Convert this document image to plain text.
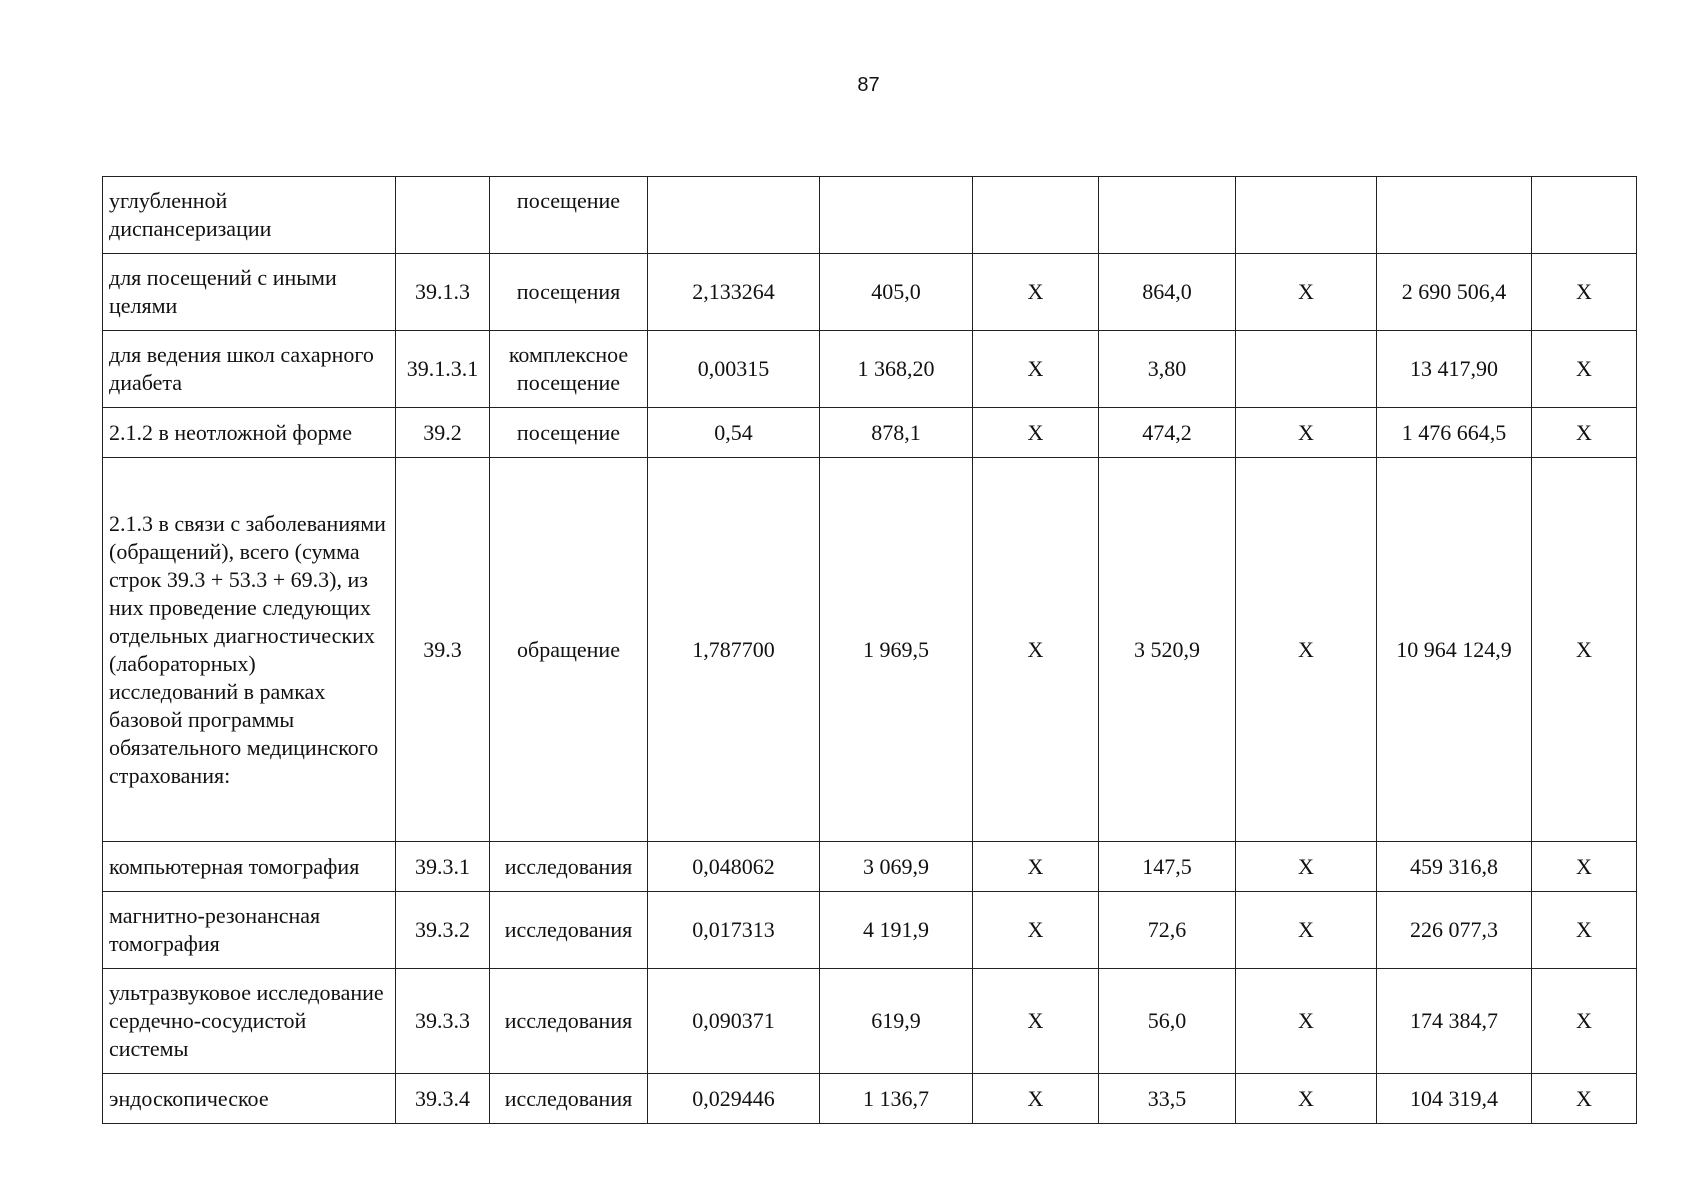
87
углубленной диспансеризации		посещение							
для посещений с иными целями	39.1.3	посещения	2,133264	405,0	Х	864,0	Х	2 690 506,4	Х
для ведения школ сахарного диабета	39.1.3.1	комплексное посещение	0,00315	1 368,20	Х	3,80		13 417,90	Х
2.1.2 в неотложной форме	39.2	посещение	0,54	878,1	Х	474,2	Х	1 476 664,5	Х
2.1.3 в связи с заболеваниями (обращений), всего (сумма строк 39.3 + 53.3 + 69.3), из них проведение следующих отдельных диагностических (лабораторных) исследований в рамках базовой программы обязательного медицинского страхования:	39.3	обращение	1,787700	1 969,5	Х	3 520,9	Х	10 964 124,9	Х
компьютерная томография	39.3.1	исследования	0,048062	3 069,9	Х	147,5	Х	459 316,8	Х
магнитно-резонансная томография	39.3.2	исследования	0,017313	4 191,9	Х	72,6	Х	226 077,3	Х
ультразвуковое исследование сердечно-сосудистой системы	39.3.3	исследования	0,090371	619,9	Х	56,0	Х	174 384,7	Х
эндоскопическое	39.3.4	исследования	0,029446	1 136,7	Х	33,5	Х	104 319,4	Х
